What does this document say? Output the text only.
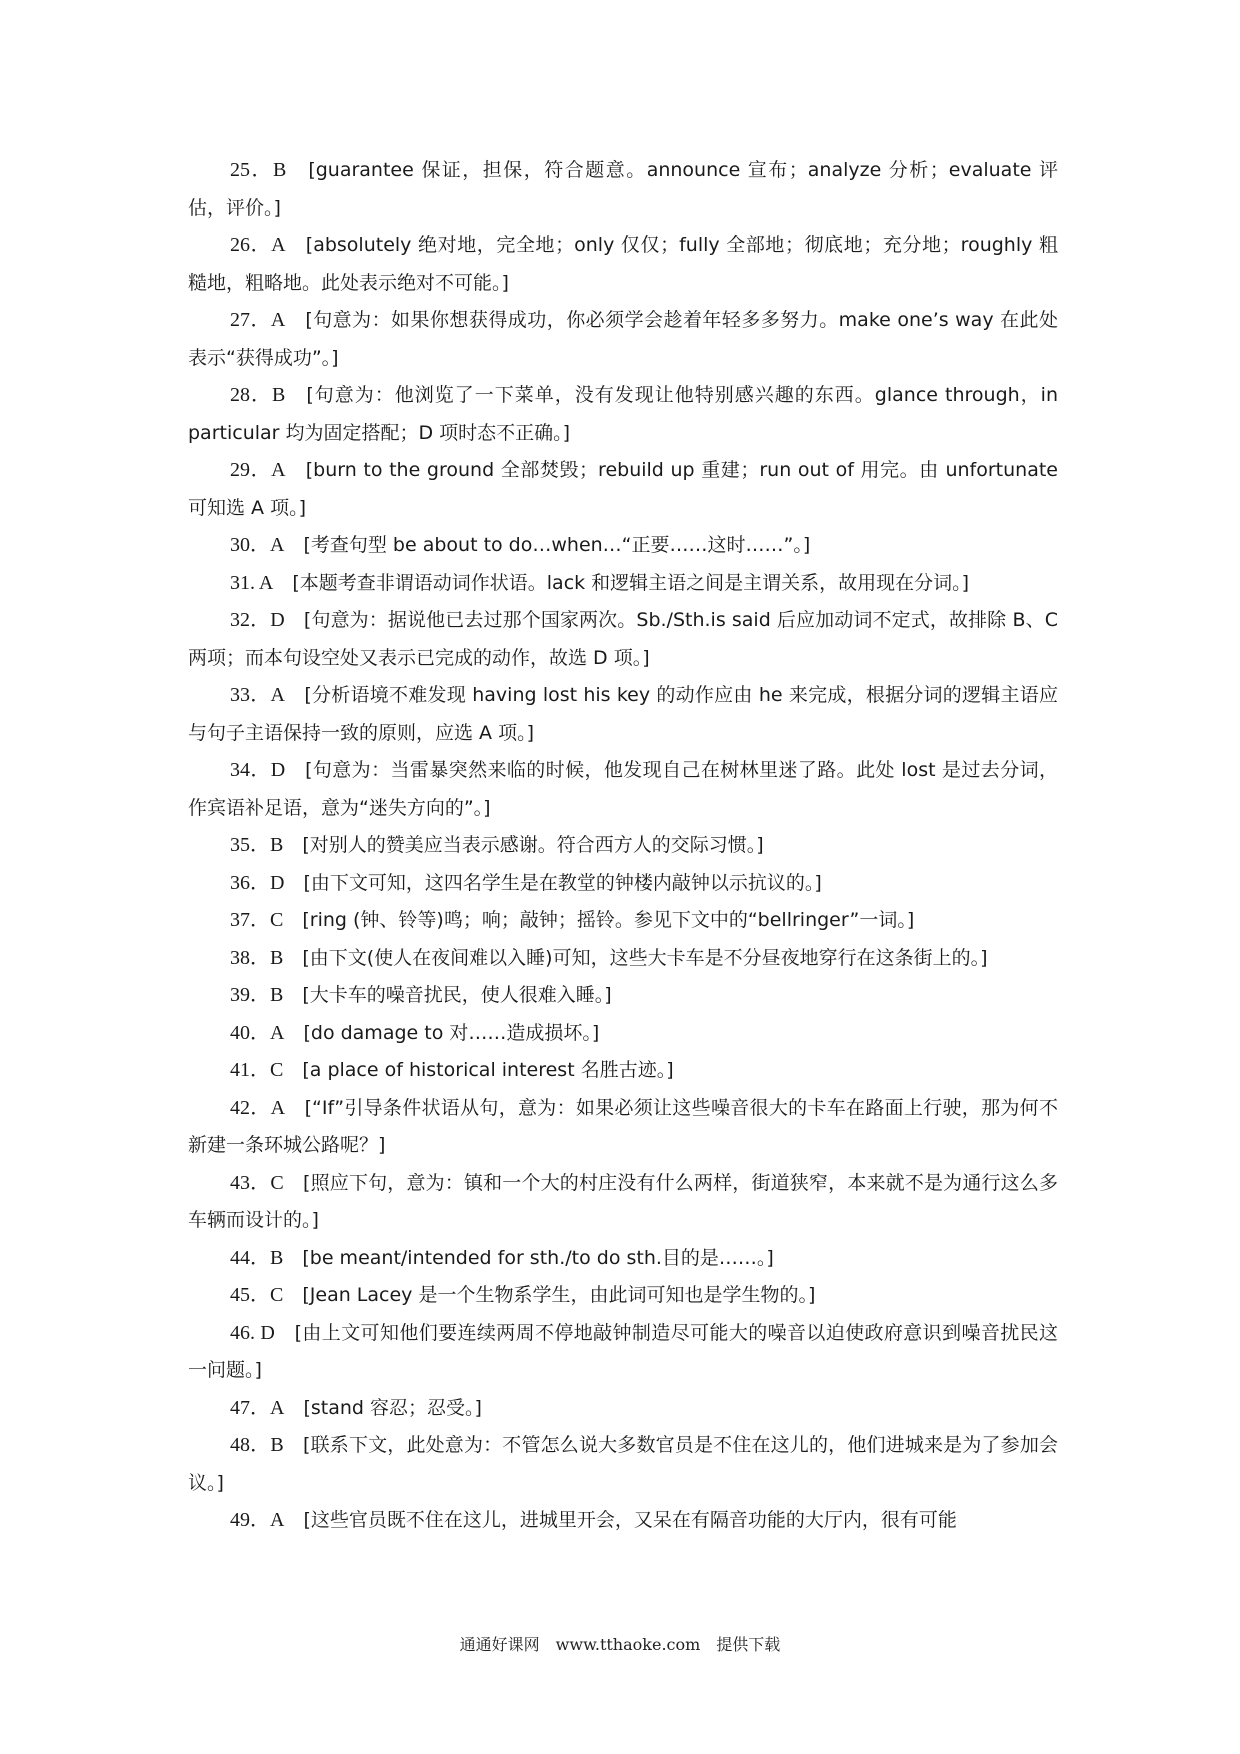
25．B　 [guarantee 保证，担保，符合题意。announce 宣布；analyze 分析；evaluate 评估，评价。]

26．A　 [absolutely 绝对地，完全地；only 仅仅；fully 全部地；彻底地；充分地；roughly 粗糙地，粗略地。此处表示绝对不可能。]

27．A　 [句意为：如果你想获得成功，你必须学会趁着年轻多多努力。make one’s way 在此处表示“获得成功”。]

28．B　 [句意为：他浏览了一下菜单，没有发现让他特别感兴趣的东西。glance through，in particular 均为固定搭配；D 项时态不正确。]

29．A　 [burn to the ground 全部焚毁；rebuild up 重建；run out of 用完。由 unfortunate 可知选 A 项。]

30．A　 [考查句型 be about to do…when…“正要……这时……”。]

31. A　 [本题考查非谓语动词作状语。lack 和逻辑主语之间是主谓关系，故用现在分词。]

32．D　 [句意为：据说他已去过那个国家两次。Sb./Sth.is said 后应加动词不定式，故排除 B、C 两项；而本句设空处又表示已完成的动作，故选 D 项。]

33．A　 [分析语境不难发现 having lost his key 的动作应由 he 来完成，根据分词的逻辑主语应与句子主语保持一致的原则，应选 A 项。]

34．D　 [句意为：当雷暴突然来临的时候，他发现自己在树林里迷了路。此处 lost 是过去分词，作宾语补足语，意为“迷失方向的”。]

35．B　 [对别人的赞美应当表示感谢。符合西方人的交际习惯。]

36．D　 [由下文可知，这四名学生是在教堂的钟楼内敲钟以示抗议的。]

37．C　 [ring (钟、铃等)鸣；响；敲钟；摇铃。参见下文中的“bellringer”一词。]

38．B　 [由下文(使人在夜间难以入睡)可知，这些大卡车是不分昼夜地穿行在这条街上的。]

39．B　 [大卡车的噪音扰民，使人很难入睡。]

40．A　 [do damage to 对……造成损坏。]

41．C　 [a place of historical interest 名胜古迹。]

42．A　 [“If”引导条件状语从句，意为：如果必须让这些噪音很大的卡车在路面上行驶，那为何不新建一条环城公路呢？]

43．C　 [照应下句，意为：镇和一个大的村庄没有什么两样，街道狭窄，本来就不是为通行这么多车辆而设计的。]

44．B　 [be meant/intended for sth./to do sth.目的是……。]

45．C　 [Jean Lacey 是一个生物系学生，由此词可知也是学生物的。]

46. D　 [由上文可知他们要连续两周不停地敲钟制造尽可能大的噪音以迫使政府意识到噪音扰民这一问题。]

47．A　 [stand 容忍；忍受。]

48．B　 [联系下文，此处意为：不管怎么说大多数官员是不住在这儿的，他们进城来是为了参加会议。]

49．A　 [这些官员既不住在这儿，进城里开会，又呆在有隔音功能的大厅内，很有可能

通通好课网　www.tthaoke.com　提供下载
